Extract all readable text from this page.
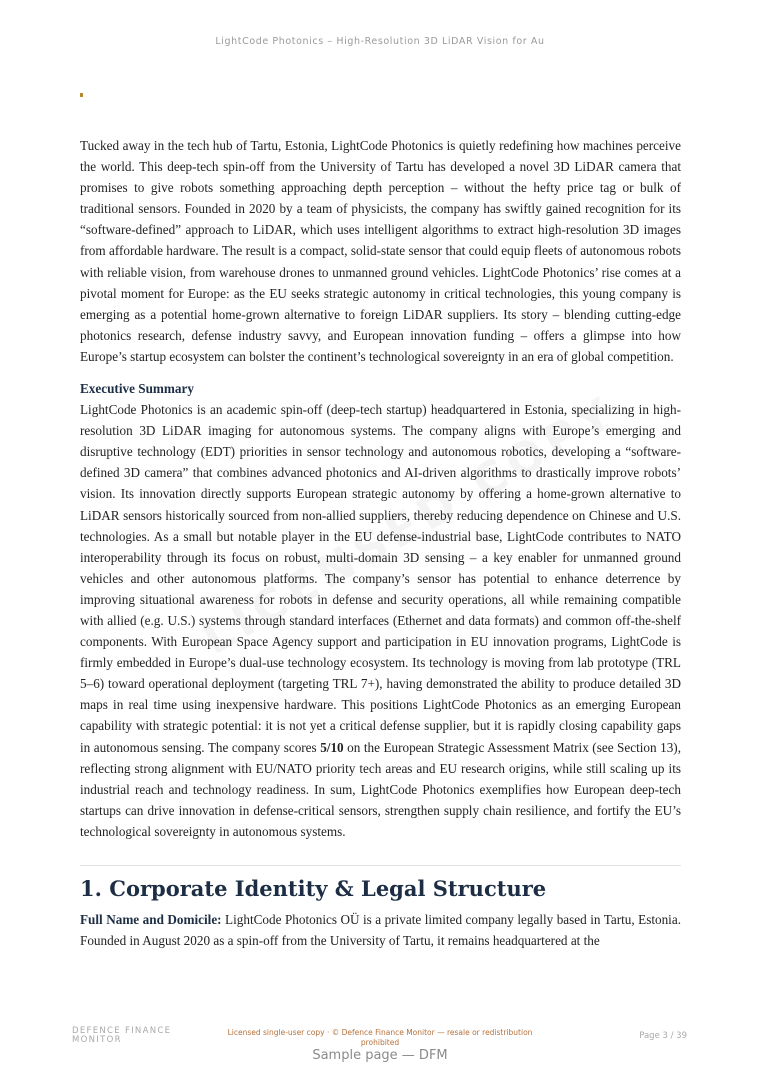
LightCode Photonics – High-Resolution 3D LiDAR Vision for Au

Tucked away in the tech hub of Tartu, Estonia, LightCode Photonics is quietly redefining how machines perceive the world. This deep-tech spin-off from the University of Tartu has developed a novel 3D LiDAR camera that promises to give robots something approaching depth perception – without the hefty price tag or bulk of traditional sensors. Founded in 2020 by a team of physicists, the company has swiftly gained recognition for its “software-defined” approach to LiDAR, which uses intelligent algorithms to extract high-resolution 3D images from affordable hardware. The result is a compact, solid-state sensor that could equip fleets of autonomous robots with reliable vision, from warehouse drones to unmanned ground vehicles. LightCode Photonics’ rise comes at a pivotal moment for Europe: as the EU seeks strategic autonomy in critical technologies, this young company is emerging as a potential home-grown alternative to foreign LiDAR suppliers. Its story – blending cutting-edge photonics research, defense industry savvy, and European innovation funding – offers a glimpse into how Europe’s startup ecosystem can bolster the continent’s technological sovereignty in an era of global competition.

Executive Summary

LightCode Photonics is an academic spin‑off (deep-tech startup) headquartered in Estonia, specializing in high-resolution 3D LiDAR imaging for autonomous systems. The company aligns with Europe’s emerging and disruptive technology (EDT) priorities in sensor technology and autonomous robotics, developing a “software-defined 3D camera” that combines advanced photonics and AI-driven algorithms to drastically improve robots’ vision. Its innovation directly supports European strategic autonomy by offering a home-grown alternative to LiDAR sensors historically sourced from non-allied suppliers, thereby reducing dependence on Chinese and U.S. technologies. As a small but notable player in the EU defense-industrial base, LightCode contributes to NATO interoperability through its focus on robust, multi-domain 3D sensing – a key enabler for unmanned ground vehicles and other autonomous platforms. The company’s sensor has potential to enhance deterrence by improving situational awareness for robots in defense and security operations, all while remaining compatible with allied (e.g. U.S.) systems through standard interfaces (Ethernet and data formats) and common off-the-shelf components. With European Space Agency support and participation in EU innovation programs, LightCode is firmly embedded in Europe’s dual-use technology ecosystem. Its technology is moving from lab prototype (TRL 5–6) toward operational deployment (targeting TRL 7+), having demonstrated the ability to produce detailed 3D maps in real time using inexpensive hardware. This positions LightCode Photonics as an emerging European capability with strategic potential: it is not yet a critical defense supplier, but it is rapidly closing capability gaps in autonomous sensing. The company scores 5/10 on the European Strategic Assessment Matrix (see Section 13), reflecting strong alignment with EU/NATO priority tech areas and EU research origins, while still scaling up its industrial reach and technology readiness. In sum, LightCode Photonics exemplifies how European deep-tech startups can drive innovation in defense-critical sensors, strengthen supply chain resilience, and fortify the EU’s technological sovereignty in autonomous systems.

1. Corporate Identity & Legal Structure

Full Name and Domicile: LightCode Photonics OÜ is a private limited company legally based in Tartu, Estonia. Founded in August 2020 as a spin-off from the University of Tartu, it remains headquartered at the

DEFENCE FINANCE
MONITOR
Licensed single-user copy · © Defence Finance Monitor — resale or redistribution
prohibited
Page 3 / 39
Sample page — DFM
